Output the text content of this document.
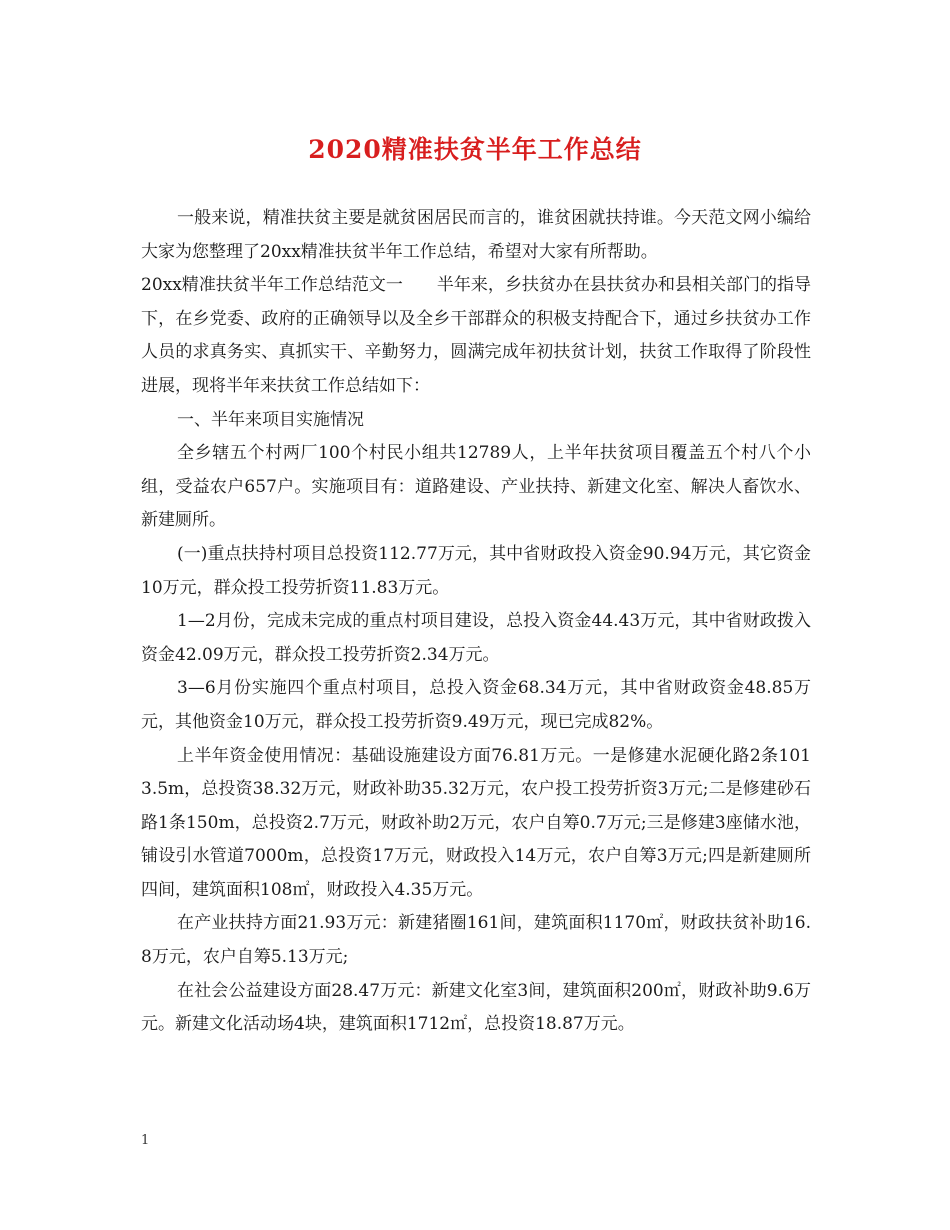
2020精准扶贫半年工作总结

一般来说，精准扶贫主要是就贫困居民而言的，谁贫困就扶持谁。今天范文网小编给大家为您整理了20xx精准扶贫半年工作总结，希望对大家有所帮助。

20xx精准扶贫半年工作总结范文一　　半年来，乡扶贫办在县扶贫办和县相关部门的指导下，在乡党委、政府的正确领导以及全乡干部群众的积极支持配合下，通过乡扶贫办工作人员的求真务实、真抓实干、辛勤努力，圆满完成年初扶贫计划，扶贫工作取得了阶段性进展，现将半年来扶贫工作总结如下：

一、半年来项目实施情况

全乡辖五个村两厂100个村民小组共12789人，上半年扶贫项目覆盖五个村八个小组，受益农户657户。实施项目有：道路建设、产业扶持、新建文化室、解决人畜饮水、新建厕所。

(一)重点扶持村项目总投资112.77万元，其中省财政投入资金90.94万元，其它资金10万元，群众投工投劳折资11.83万元。

1—2月份，完成未完成的重点村项目建设，总投入资金44.43万元，其中省财政拨入资金42.09万元，群众投工投劳折资2.34万元。

3—6月份实施四个重点村项目，总投入资金68.34万元，其中省财政资金48.85万元，其他资金10万元，群众投工投劳折资9.49万元，现已完成82%。

上半年资金使用情况：基础设施建设方面76.81万元。一是修建水泥硬化路2条1013.5m，总投资38.32万元，财政补助35.32万元，农户投工投劳折资3万元;二是修建砂石路1条150m，总投资2.7万元，财政补助2万元，农户自筹0.7万元;三是修建3座储水池，铺设引水管道7000m，总投资17万元，财政投入14万元，农户自筹3万元;四是新建厕所四间，建筑面积108㎡，财政投入4.35万元。

在产业扶持方面21.93万元：新建猪圈161间，建筑面积1170㎡，财政扶贫补助16.8万元，农户自筹5.13万元;

在社会公益建设方面28.47万元：新建文化室3间，建筑面积200㎡，财政补助9.6万元。新建文化活动场4块，建筑面积1712㎡，总投资18.87万元。

1
